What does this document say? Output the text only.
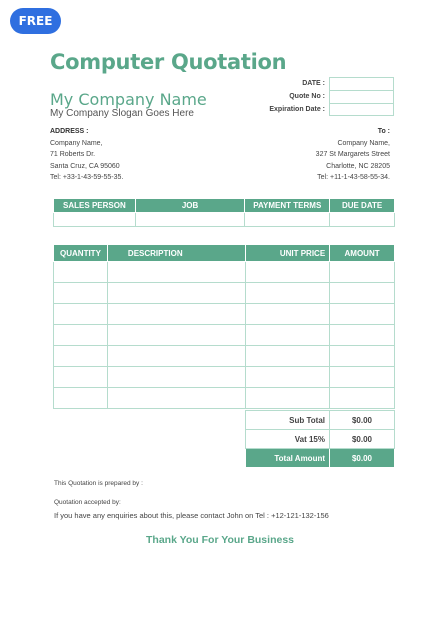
FREE
Computer Quotation
My Company Name
My Company Slogan Goes Here
DATE :
Quote No :
Expiration Date :
ADDRESS :
Company Name,
71 Roberts Dr.
Santa Cruz, CA 95060
Tel: +33-1-43-59-55-35.
To :
Company Name,
327 St Margarets Street
Charlotte, NC 28205
Tel: +11-1-43-58-55-34.
SALES PERSON	JOB	PAYMENT TERMS	DUE DATE

QUANTITY	DESCRIPTION	UNIT PRICE	AMOUNT

Sub Total	$0.00
Vat 15%	$0.00
Total Amount	$0.00
This Quotation is prepared by :
Quotation accepted by:
If you have any enquiries about this, please contact John on Tel : +12-121-132-156
Thank You For Your Business
